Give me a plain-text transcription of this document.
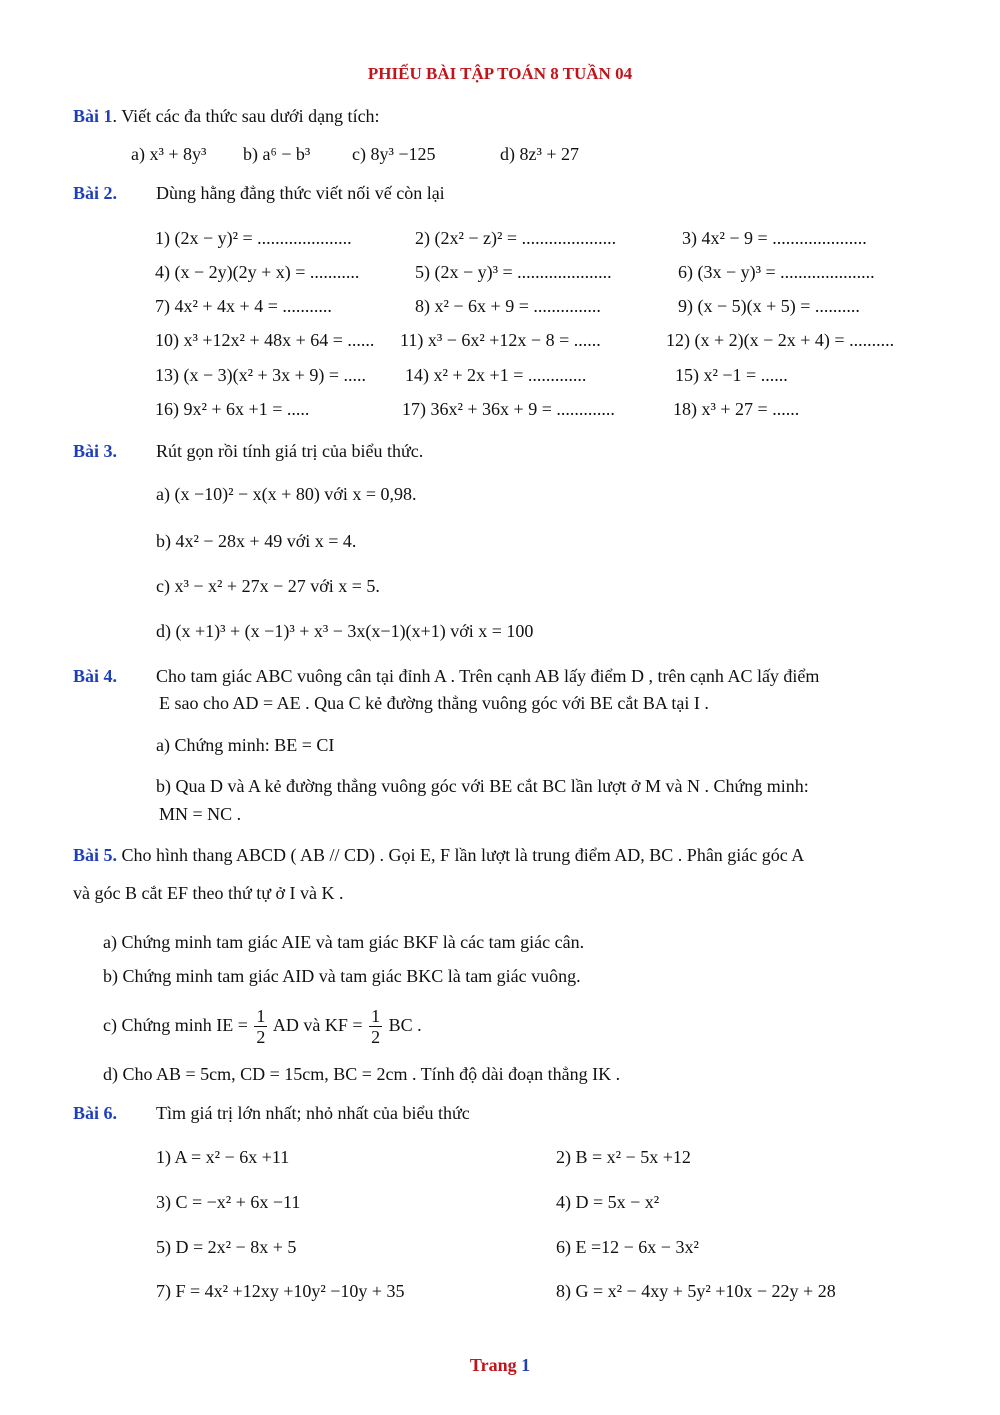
PHIẾU BÀI TẬP TOÁN 8 TUẦN 04
Bài 1. Viết các đa thức sau dưới dạng tích:
a) x³ + 8y³ b) a⁶ − b³ c) 8y³ −125	d) 8z³ + 27
Bài 2. Dùng hằng đẳng thức viết nối vế còn lại
1) (2x − y)² = .....................	2) (2x² − z)² = .....................	3) 4x² − 9 = .....................
4) (x − 2y)(2y + x) = ...........	5) (2x − y)³ = .....................	6) (3x − y)³ = .....................
7) 4x² + 4x + 4 = ...........	8) x² − 6x + 9 = ...............	9) (x − 5)(x + 5) = ..........
10) x³ +12x² + 48x + 64 = ...... 11) x³ − 6x² +12x − 8 = ......	12) (x + 2)(x − 2x + 4) = ..........
13) (x − 3)(x² + 3x + 9) = ..... 14) x² + 2x +1 = .............	15) x² −1 = ......
16) 9x² + 6x +1 = .....	17) 36x² + 36x + 9 = .............	18) x³ + 27 = ......
Bài 3. Rút gọn rồi tính giá trị của biểu thức.
a) (x −10)² − x(x + 80) với x = 0,98.
b) 4x² − 28x + 49 với x = 4.
c) x³ − x² + 27x − 27 với x = 5.
d) (x +1)³ + (x −1)³ + x³ − 3x(x−1)(x+1) với x = 100
Bài 4. Cho tam giác ABC vuông cân tại đỉnh A . Trên cạnh AB lấy điểm D , trên cạnh AC lấy điểm
E sao cho AD = AE . Qua C kẻ đường thẳng vuông góc với BE cắt BA tại I .
a) Chứng minh: BE = CI
b) Qua D và A kẻ đường thẳng vuông góc với BE cắt BC lần lượt ở M và N . Chứng minh:
MN = NC .
Bài 5. Cho hình thang ABCD ( AB // CD) . Gọi E, F lần lượt là trung điểm AD, BC . Phân giác góc A
và góc B cắt EF theo thứ tự ở I và K .
a) Chứng minh tam giác AIE và tam giác BKF là các tam giác cân.
b) Chứng minh tam giác AID và tam giác BKC là tam giác vuông.
c) Chứng minh IE = $\frac{1}{2}$ AD và KF = $\frac{1}{2}$ BC .
d) Cho AB = 5cm, CD = 15cm, BC = 2cm . Tính độ dài đoạn thẳng IK .
Bài 6. Tìm giá trị lớn nhất; nhỏ nhất của biểu thức
1) A = x² − 6x +11	2) B = x² − 5x +12
3) C = −x² + 6x −11	4) D = 5x − x²
5) D = 2x² − 8x + 5	6) E =12 − 6x − 3x²
7) F = 4x² +12xy +10y² −10y + 35	8) G = x² − 4xy + 5y² +10x − 22y + 28
Trang 1
